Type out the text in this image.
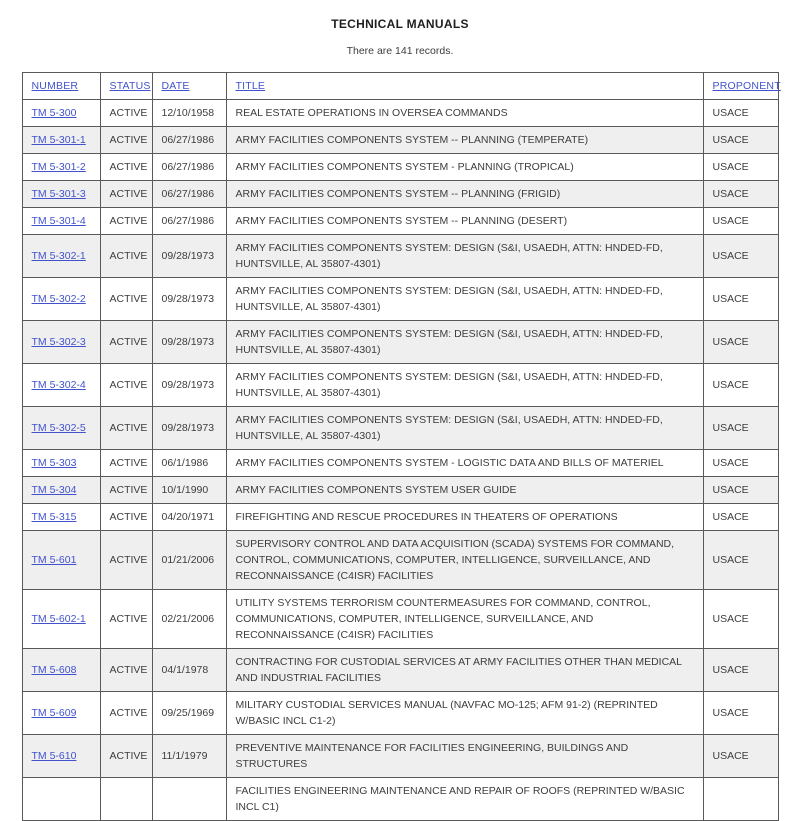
TECHNICAL MANUALS
There are 141 records.
NUMBER	STATUS	DATE	TITLE	PROPONENT
TM 5-300	ACTIVE	12/10/1958	REAL ESTATE OPERATIONS IN OVERSEA COMMANDS	USACE
TM 5-301-1	ACTIVE	06/27/1986	ARMY FACILITIES COMPONENTS SYSTEM -- PLANNING (TEMPERATE)	USACE
TM 5-301-2	ACTIVE	06/27/1986	ARMY FACILITIES COMPONENTS SYSTEM - PLANNING (TROPICAL)	USACE
TM 5-301-3	ACTIVE	06/27/1986	ARMY FACILITIES COMPONENTS SYSTEM -- PLANNING (FRIGID)	USACE
TM 5-301-4	ACTIVE	06/27/1986	ARMY FACILITIES COMPONENTS SYSTEM -- PLANNING (DESERT)	USACE
TM 5-302-1	ACTIVE	09/28/1973	ARMY FACILITIES COMPONENTS SYSTEM: DESIGN (S&I, USAEDH, ATTN: HNDED-FD, HUNTSVILLE, AL 35807-4301)	USACE
TM 5-302-2	ACTIVE	09/28/1973	ARMY FACILITIES COMPONENTS SYSTEM: DESIGN (S&I, USAEDH, ATTN: HNDED-FD, HUNTSVILLE, AL 35807-4301)	USACE
TM 5-302-3	ACTIVE	09/28/1973	ARMY FACILITIES COMPONENTS SYSTEM: DESIGN (S&I, USAEDH, ATTN: HNDED-FD, HUNTSVILLE, AL 35807-4301)	USACE
TM 5-302-4	ACTIVE	09/28/1973	ARMY FACILITIES COMPONENTS SYSTEM: DESIGN (S&I, USAEDH, ATTN: HNDED-FD, HUNTSVILLE, AL 35807-4301)	USACE
TM 5-302-5	ACTIVE	09/28/1973	ARMY FACILITIES COMPONENTS SYSTEM: DESIGN (S&I, USAEDH, ATTN: HNDED-FD, HUNTSVILLE, AL 35807-4301)	USACE
TM 5-303	ACTIVE	06/1/1986	ARMY FACILITIES COMPONENTS SYSTEM - LOGISTIC DATA AND BILLS OF MATERIEL	USACE
TM 5-304	ACTIVE	10/1/1990	ARMY FACILITIES COMPONENTS SYSTEM USER GUIDE	USACE
TM 5-315	ACTIVE	04/20/1971	FIREFIGHTING AND RESCUE PROCEDURES IN THEATERS OF OPERATIONS	USACE
TM 5-601	ACTIVE	01/21/2006	SUPERVISORY CONTROL AND DATA ACQUISITION (SCADA) SYSTEMS FOR COMMAND, CONTROL, COMMUNICATIONS, COMPUTER, INTELLIGENCE, SURVEILLANCE, AND RECONNAISSANCE (C4ISR) FACILITIES	USACE
TM 5-602-1	ACTIVE	02/21/2006	UTILITY SYSTEMS TERRORISM COUNTERMEASURES FOR COMMAND, CONTROL, COMMUNICATIONS, COMPUTER, INTELLIGENCE, SURVEILLANCE, AND RECONNAISSANCE (C4ISR) FACILITIES	USACE
TM 5-608	ACTIVE	04/1/1978	CONTRACTING FOR CUSTODIAL SERVICES AT ARMY FACILITIES OTHER THAN MEDICAL AND INDUSTRIAL FACILITIES	USACE
TM 5-609	ACTIVE	09/25/1969	MILITARY CUSTODIAL SERVICES MANUAL (NAVFAC MO-125; AFM 91-2) (REPRINTED W/BASIC INCL C1-2)	USACE
TM 5-610	ACTIVE	11/1/1979	PREVENTIVE MAINTENANCE FOR FACILITIES ENGINEERING, BUILDINGS AND STRUCTURES	USACE
			FACILITIES ENGINEERING MAINTENANCE AND REPAIR OF ROOFS (REPRINTED W/BASIC INCL C1)	
